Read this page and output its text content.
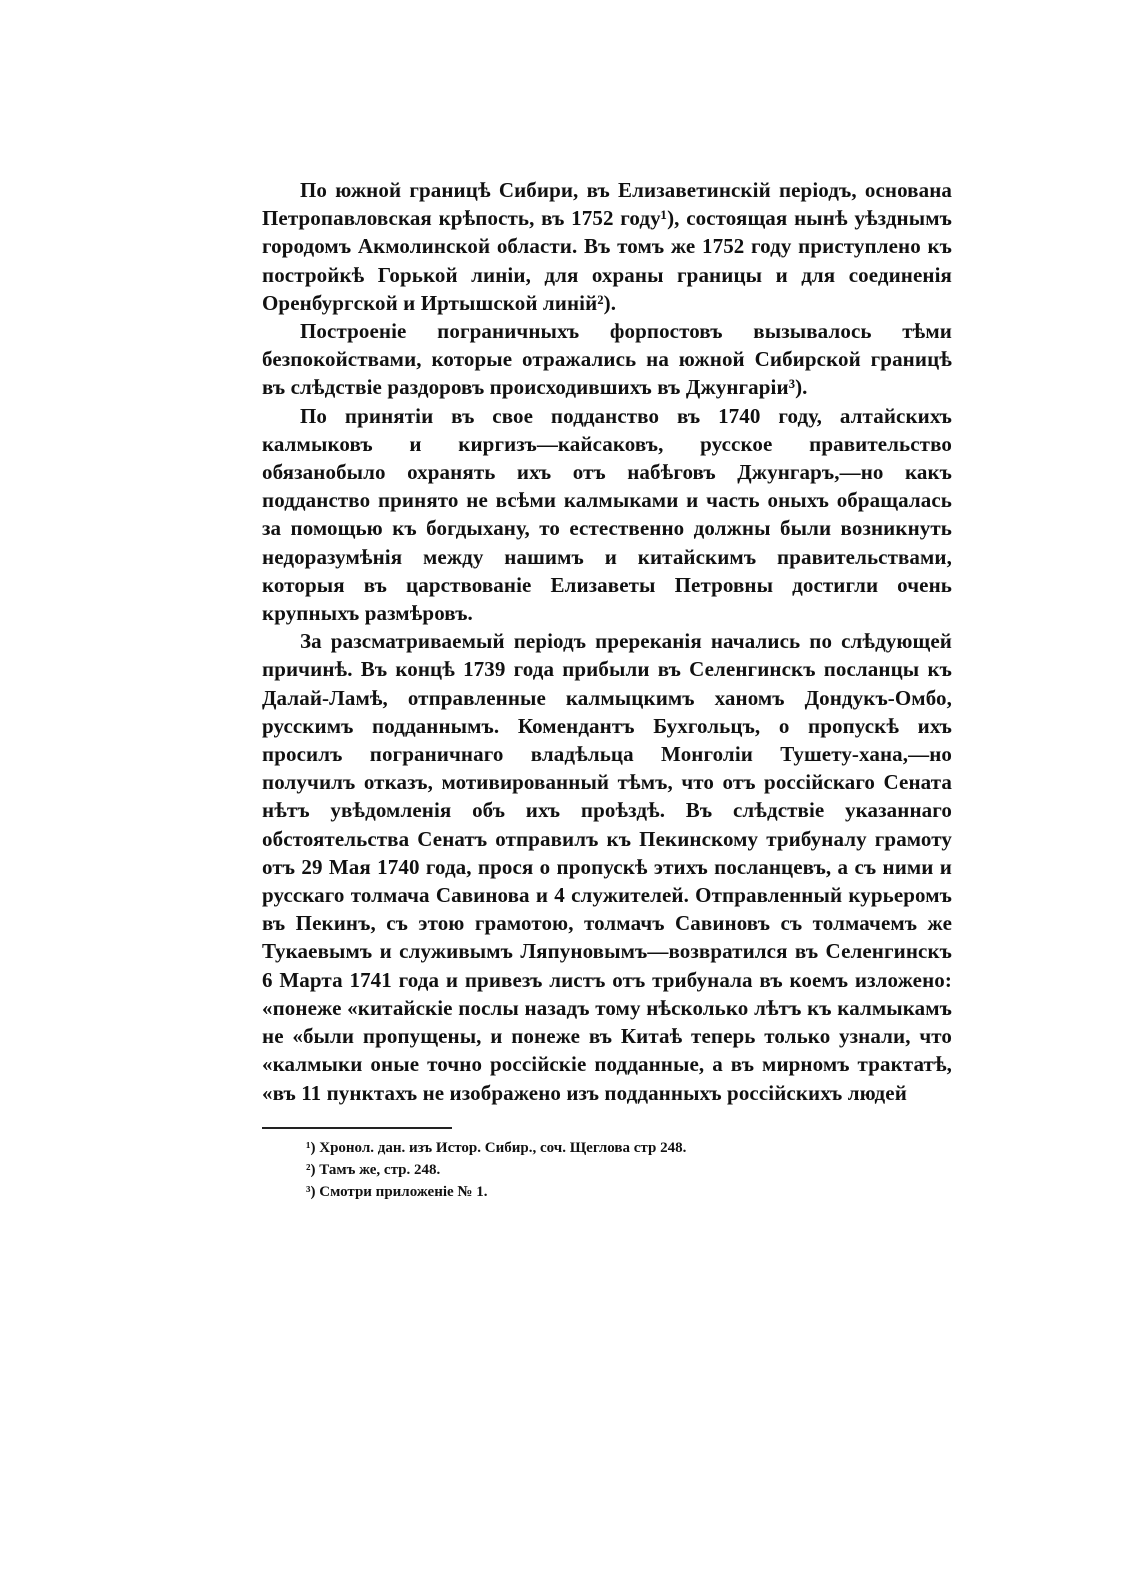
По южной границѣ Сибири, въ Елизаветинскій періодъ, основана Петропавловская крѣпость, въ 1752 году¹), состоящая нынѣ уѣзднымъ городомъ Акмолинской области. Въ томъ же 1752 году приступлено къ постройкѣ Горькой линіи, для охраны границы и для соединенія Оренбургской и Иртышской линій²).

Построеніе пограничныхъ форпостовъ вызывалось тѣми безпокойствами, которые отражались на южной Сибирской границѣ въ слѣдствіе раздоровъ происходившихъ въ Джунгаріи³).

По принятіи въ свое подданство въ 1740 году, алтайскихъ калмыковъ и киргизъ—кайсаковъ, русское правительство обязанобыло охранять ихъ отъ набѣговъ Джунгаръ,—но какъ подданство принято не всѣми калмыками и часть оныхъ обращалась за помощью къ богдыхану, то естественно должны были возникнуть недоразумѣнія между нашимъ и китайскимъ правительствами, которыя въ царствованіе Елизаветы Петровны достигли очень крупныхъ размѣровъ.

За разсматриваемый періодъ пререканія начались по слѣдующей причинѣ. Въ концѣ 1739 года прибыли въ Селенгинскъ посланцы къ Далай-Ламѣ, отправленные калмыцкимъ ханомъ Дондукъ-Омбо, русскимъ подданнымъ. Комендантъ Бухгольцъ, о пропускѣ ихъ просилъ пограничнаго владѣльца Монголіи Тушету-хана,—но получилъ отказъ, мотивированный тѣмъ, что отъ россійскаго Сената нѣтъ увѣдомленія объ ихъ проѣздѣ. Въ слѣдствіе указаннаго обстоятельства Сенатъ отправилъ къ Пекинскому трибуналу грамоту отъ 29 Мая 1740 года, прося о пропускѣ этихъ посланцевъ, а съ ними и русскаго толмача Савинова и 4 служителей. Отправленный курьеромъ въ Пекинъ, съ этою грамотою, толмачъ Савиновъ съ толмачемъ же Тукаевымъ и служивымъ Ляпуновымъ—возвратился въ Селенгинскъ 6 Марта 1741 года и привезъ листъ отъ трибунала въ коемъ изложено: «понеже «китайскіе послы назадъ тому нѣсколько лѣтъ къ калмыкамъ не «были пропущены, и понеже въ Китаѣ теперь только узнали, что «калмыки оные точно россійскіе подданные, а въ мирномъ трактатѣ, «въ 11 пунктахъ не изображено изъ подданныхъ россійскихъ людей

¹) Хронол. дан. изъ Истор. Сибир., соч. Щеглова стр 248.
²) Тамъ же, стр. 248.
³) Смотри приложеніе № 1.
